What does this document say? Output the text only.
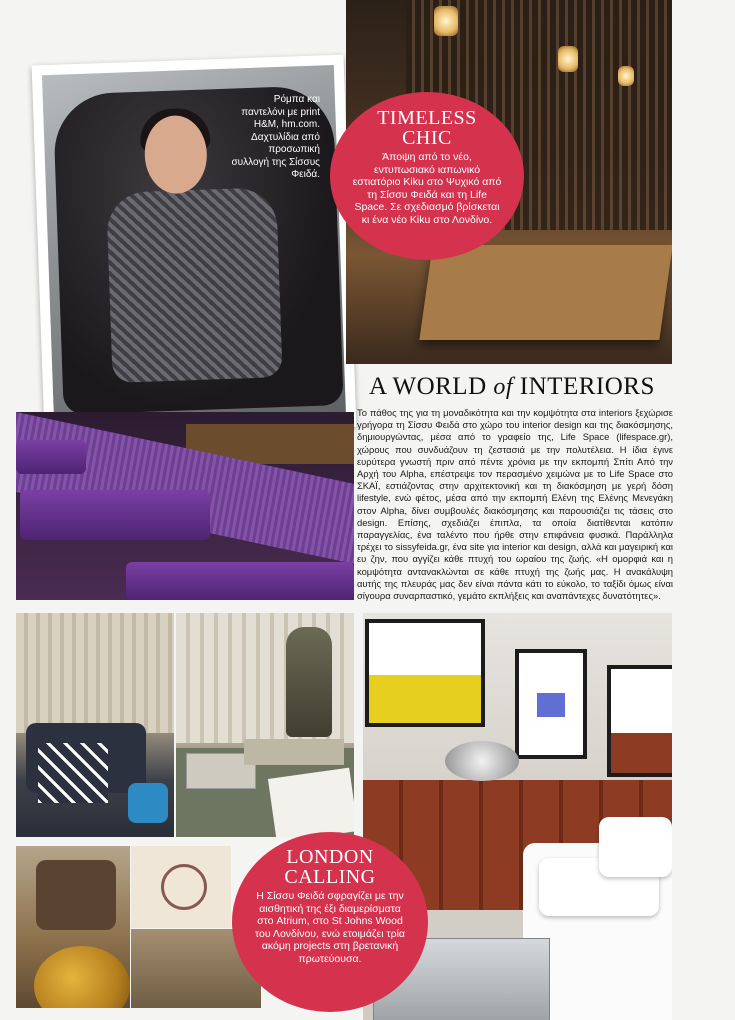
Ρόμπα και παντελόνι με print H&M, hm.com. Δαχτυλίδια από προσωπική συλλογή της Σίσσυς Φειδά.
TIMELESS
CHIC
Άποψη από το νέο, εντυπωσιακό ιαπωνικό εστιατόριο Kiku στο Ψυχικό από τη Σίσσυ Φειδά και τη Life Space. Σε σχεδιασμό βρίσκεται κι ένα νέο Kiku στο Λονδίνο.
A WORLD of INTERIORS
Το πάθος της για τη μοναδικότητα και την κομψότητα στα interiors ξεχώρισε γρήγορα τη Σίσσυ Φειδά στο χώρο του interior design και της διακόσμησης, δημιουργώντας, μέσα από το γραφείο της, Life Space (lifespace.gr), χώρους που συνδυάζουν τη ζεστασιά με την πολυτέλεια. Η ίδια έγινε ευρύτερα γνωστή πριν από πέντε χρόνια με την εκπομπή Σπίτι Από την Αρχή του Alpha, επέστρεψε τον περασμένο χειμώνα με το Life Space στο ΣΚΑΪ, εστιάζοντας στην αρχιτεκτονική και τη διακόσμηση με γερή δόση lifestyle, ενώ φέτος, μέσα από την εκπομπή Ελένη της Ελένης Μενεγάκη στον Alpha, δίνει συμβουλές διακόσμησης και παρουσιάζει τις τάσεις στο design. Επίσης, σχεδιάζει έπιπλα, τα οποία διατίθενται κατόπιν παραγγελίας, ένα ταλέντο που ήρθε στην επιφάνεια φυσικά. Παράλληλα τρέχει το sissyfeida.gr, ένα site για interior και design, αλλά και μαγειρική και ευ ζην, που αγγίζει κάθε πτυχή του ωραίου της ζωής. «Η ομορφιά και η κομψότητα αντανακλώνται σε κάθε πτυχή της ζωής μας. Η ανακάλυψη αυτής της πλευράς μας δεν είναι πάντα κάτι το εύκολο, το ταξίδι όμως είναι σίγουρα συναρπαστικό, γεμάτο εκπλήξεις και αναπάντεχες δυνατότητες».
LONDON
CALLING
Η Σίσσυ Φειδά σφραγίζει με την αισθητική της έξι διαμερίσματα στο Atrium, στο St Johns Wood του Λονδίνου, ενώ ετοιμάζει τρία ακόμη projects στη βρετανική πρωτεύουσα.
